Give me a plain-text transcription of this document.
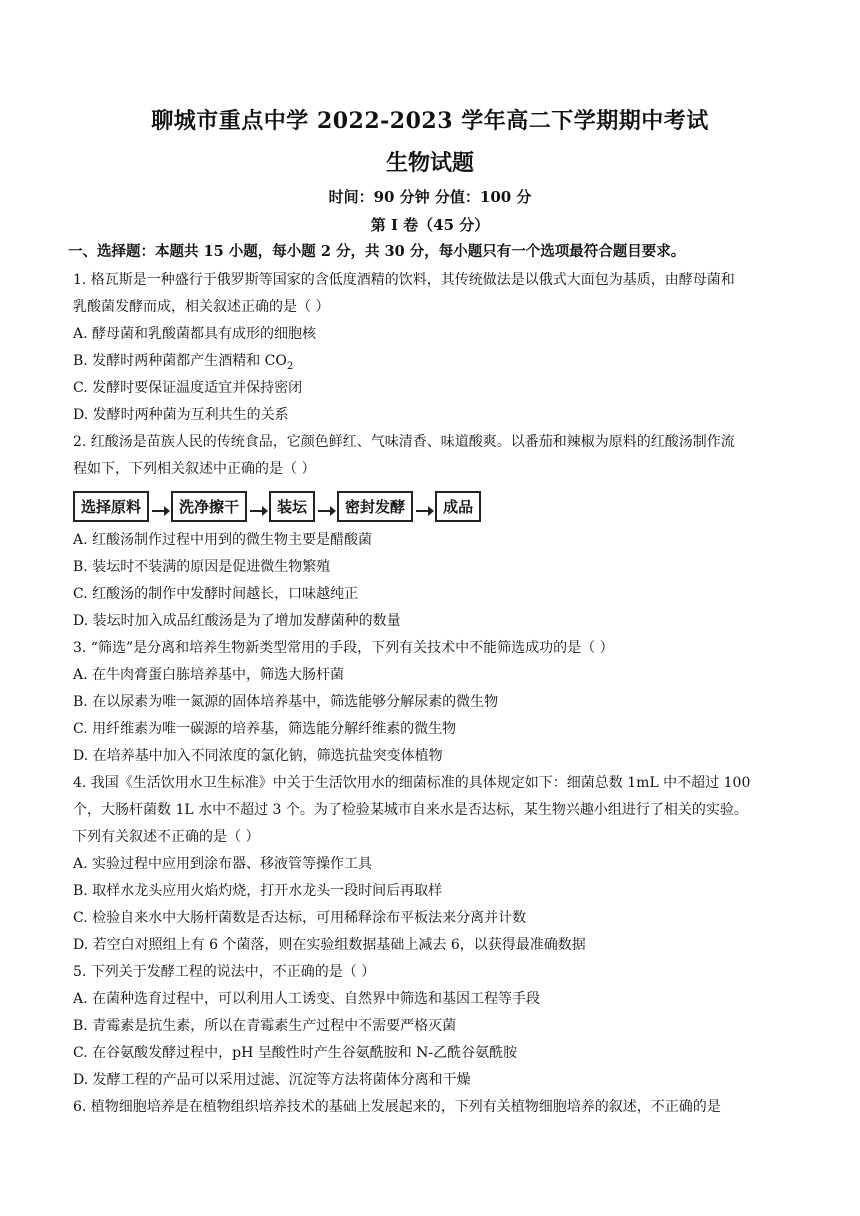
聊城市重点中学 2022-2023 学年高二下学期期中考试
生物试题
时间：90 分钟 分值：100 分
第 I 卷（45 分）
一、选择题：本题共 15 小题，每小题 2 分，共 30 分，每小题只有一个选项最符合题目要求。
1. 格瓦斯是一种盛行于俄罗斯等国家的含低度酒精的饮料，其传统做法是以俄式大面包为基质，由酵母菌和
乳酸菌发酵而成，相关叙述正确的是（ ）
A. 酵母菌和乳酸菌都具有成形的细胞核
B. 发酵时两种菌都产生酒精和 $CO_2$
C. 发酵时要保证温度适宜并保持密闭
D. 发酵时两种菌为互利共生的关系
2. 红酸汤是苗族人民的传统食品，它颜色鲜红、气味清香、味道酸爽。以番茄和辣椒为原料的红酸汤制作流
程如下，下列相关叙述中正确的是（ ）
选择原料	洗净擦干	装坛	密封发酵	成品
A. 红酸汤制作过程中用到的微生物主要是醋酸菌
B. 装坛时不装满的原因是促进微生物繁殖
C. 红酸汤的制作中发酵时间越长，口味越纯正
D. 装坛时加入成品红酸汤是为了增加发酵菌种的数量
3. “筛选”是分离和培养生物新类型常用的手段，下列有关技术中不能筛选成功的是（ ）
A. 在牛肉膏蛋白胨培养基中，筛选大肠杆菌
B. 在以尿素为唯一氮源的固体培养基中，筛选能够分解尿素的微生物
C. 用纤维素为唯一碳源的培养基，筛选能分解纤维素的微生物
D. 在培养基中加入不同浓度的氯化钠，筛选抗盐突变体植物
4. 我国《生活饮用水卫生标准》中关于生活饮用水的细菌标准的具体规定如下：细菌总数 1mL 中不超过 100
个，大肠杆菌数 1L 水中不超过 3 个。为了检验某城市自来水是否达标，某生物兴趣小组进行了相关的实验。
下列有关叙述不正确的是（ ）
A. 实验过程中应用到涂布器、移液管等操作工具
B. 取样水龙头应用火焰灼烧，打开水龙头一段时间后再取样
C. 检验自来水中大肠杆菌数是否达标，可用稀释涂布平板法来分离并计数
D. 若空白对照组上有 6 个菌落，则在实验组数据基础上减去 6，以获得最准确数据
5. 下列关于发酵工程的说法中，不正确的是（ ）
A. 在菌种选育过程中，可以利用人工诱变、自然界中筛选和基因工程等手段
B. 青霉素是抗生素，所以在青霉素生产过程中不需要严格灭菌
C. 在谷氨酸发酵过程中，pH 呈酸性时产生谷氨酰胺和 N-乙酰谷氨酰胺
D. 发酵工程的产品可以采用过滤、沉淀等方法将菌体分离和干燥
6. 植物细胞培养是在植物组织培养技术的基础上发展起来的，下列有关植物细胞培养的叙述，不正确的是
